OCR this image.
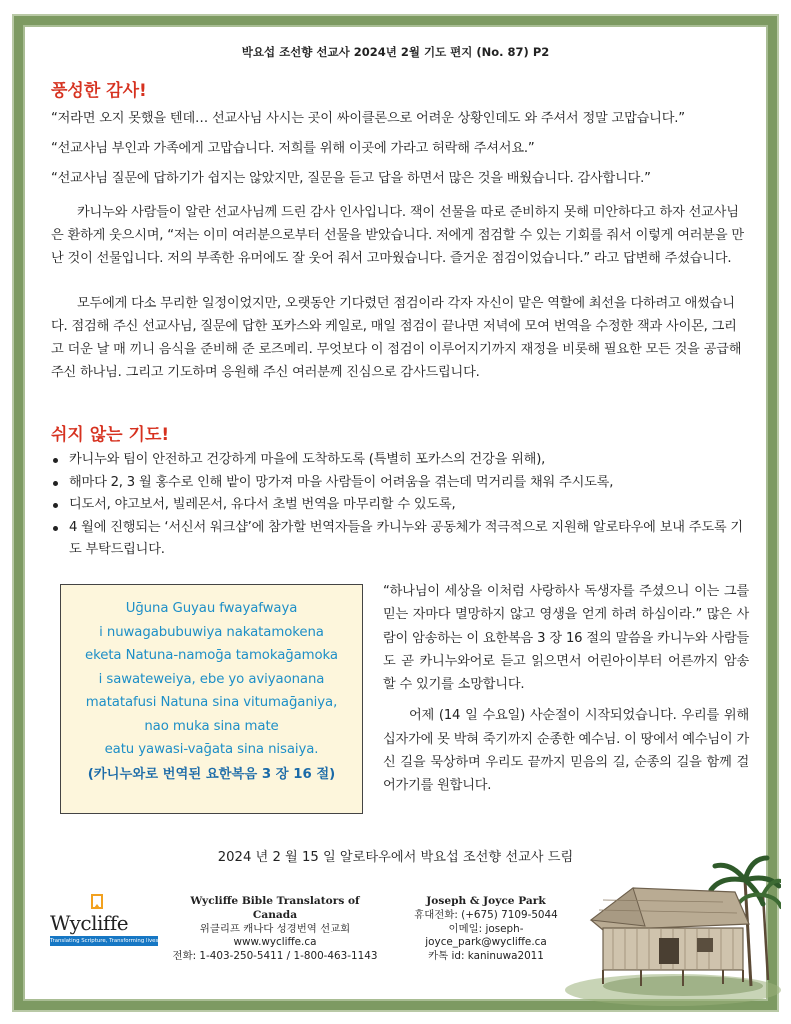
박요섭 조선향 선교사 2024년 2월 기도 편지 (No. 87) P2
풍성한 감사!

“저라면 오지 못했을 텐데… 선교사님 사시는 곳이 싸이클론으로 어려운 상황인데도 와 주셔서 정말 고맙습니다.”

“선교사님 부인과 가족에게 고맙습니다. 저희를 위해 이곳에 가라고 허락해 주셔서요.”

“선교사님 질문에 답하기가 쉽지는 않았지만, 질문을 듣고 답을 하면서 많은 것을 배웠습니다. 감사합니다.”

카니누와 사람들이 알란 선교사님께 드린 감사 인사입니다. 잭이 선물을 따로 준비하지 못해 미안하다고 하자 선교사님은 환하게 웃으시며, “저는 이미 여러분으로부터 선물을 받았습니다. 저에게 점검할 수 있는 기회를 줘서 이렇게 여러분을 만난 것이 선물입니다. 저의 부족한 유머에도 잘 웃어 줘서 고마웠습니다. 즐거운 점검이었습니다.” 라고 답변해 주셨습니다.

모두에게 다소 무리한 일정이었지만, 오랫동안 기다렸던 점검이라 각자 자신이 맡은 역할에 최선을 다하려고 애썼습니다. 점검해 주신 선교사님, 질문에 답한 포카스와 케일로, 매일 점검이 끝나면 저녁에 모여 번역을 수정한 잭과 사이몬, 그리고 더운 날 매 끼니 음식을 준비해 준 로즈메리. 무엇보다 이 점검이 이루어지기까지 재정을 비롯해 필요한 모든 것을 공급해 주신 하나님. 그리고 기도하며 응원해 주신 여러분께 진심으로 감사드립니다.

쉬지 않는 기도!
카니누와 팀이 안전하고 건강하게 마을에 도착하도록 (특별히 포카스의 건강을 위해),
해마다 2, 3 월 홍수로 인해 밭이 망가져 마을 사람들이 어려움을 겪는데 먹거리를 채워 주시도록,
디도서, 야고보서, 빌레몬서, 유다서 초벌 번역을 마무리할 수 있도록,
4 월에 진행되는 ‘서신서 워크샵’에 참가할 번역자들을 카니누와 공동체가 적극적으로 지원해 알로타우에 보내 주도록 기도 부탁드립니다.
Uḡuna Guyau fwayafwaya
i nuwagabubuwiya nakatamokena
eketa Natuna-namoḡa tamokaḡamoka
i sawateweiya, ebe yo aviyaonana
matatafusi Natuna sina vitumaḡaniya,
nao muka sina mate
eatu yawasi-vaḡata sina nisaiya.
(카니누와로 번역된 요한복음 3 장 16 절)

“하나님이 세상을 이처럼 사랑하사 독생자를 주셨으니 이는 그를 믿는 자마다 멸망하지 않고 영생을 얻게 하려 하심이라.” 많은 사람이 암송하는 이 요한복음 3 장 16 절의 말씀을 카니누와 사람들도 곧 카니누와어로 듣고 읽으면서 어린아이부터 어른까지 암송할 수 있기를 소망합니다.

어제 (14 일 수요일) 사순절이 시작되었습니다. 우리를 위해 십자가에 못 박혀 죽기까지 순종한 예수님. 이 땅에서 예수님이 가신 길을 묵상하며 우리도 끝까지 믿음의 길, 순종의 길을 함께 걸어가기를 원합니다.

2024 년 2 월 15 일 알로타우에서 박요섭 조선향 선교사 드림
Wycliffe
Translating Scripture, Transforming lives
Wycliffe Bible Translators of Canada
위클리프 캐나다 성경번역 선교회
www.wycliffe.ca
전화: 1-403-250-5411 / 1-800-463-1143
Joseph & Joyce Park
휴대전화: (+675) 7109-5044
이메일: joseph-joyce_park@wycliffe.ca
카톡 id: kaninuwa2011
